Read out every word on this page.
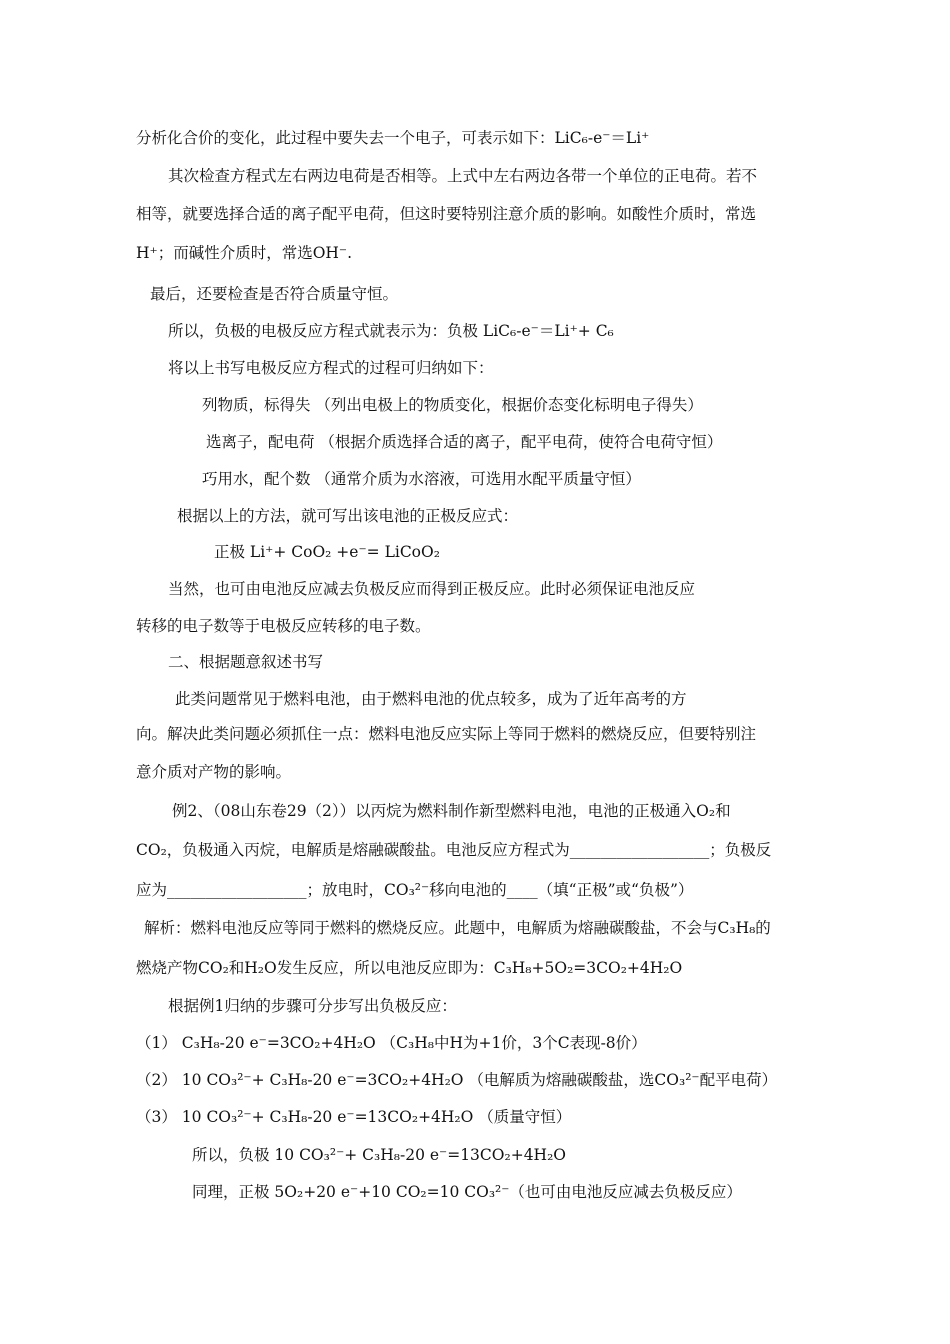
分析化合价的变化，此过程中要失去一个电子，可表示如下：LiC₆-e⁻＝Li⁺
其次检查方程式左右两边电荷是否相等。上式中左右两边各带一个单位的正电荷。若不
相等，就要选择合适的离子配平电荷，但这时要特别注意介质的影响。如酸性介质时，常选
H⁺；而碱性介质时，常选OH⁻.
最后，还要检查是否符合质量守恒。
所以，负极的电极反应方程式就表示为：负极 LiC₆-e⁻＝Li⁺+ C₆
将以上书写电极反应方程式的过程可归纳如下：
列物质，标得失 （列出电极上的物质变化，根据价态变化标明电子得失）
选离子，配电荷 （根据介质选择合适的离子，配平电荷，使符合电荷守恒）
巧用水，配个数 （通常介质为水溶液，可选用水配平质量守恒）
根据以上的方法，就可写出该电池的正极反应式：
正极 Li⁺+ CoO₂ +e⁻= LiCoO₂
当然，也可由电池反应减去负极反应而得到正极反应。此时必须保证电池反应
转移的电子数等于电极反应转移的电子数。
二、根据题意叙述书写
此类问题常见于燃料电池，由于燃料电池的优点较多，成为了近年高考的方
向。解决此类问题必须抓住一点：燃料电池反应实际上等同于燃料的燃烧反应，但要特别注
意介质对产物的影响。
例2、（08山东卷29（2））以丙烷为燃料制作新型燃料电池，电池的正极通入O₂和
CO₂，负极通入丙烷，电解质是熔融碳酸盐。电池反应方程式为__________________；负极反
应为__________________；放电时，CO₃²⁻移向电池的____（填“正极”或“负极”）
解析：燃料电池反应等同于燃料的燃烧反应。此题中，电解质为熔融碳酸盐，不会与C₃H₈的
燃烧产物CO₂和H₂O发生反应，所以电池反应即为：C₃H₈+5O₂=3CO₂+4H₂O
根据例1归纳的步骤可分步写出负极反应：
（1） C₃H₈-20 e⁻=3CO₂+4H₂O （C₃H₈中H为+1价，3个C表现-8价）
（2） 10 CO₃²⁻+ C₃H₈-20 e⁻=3CO₂+4H₂O （电解质为熔融碳酸盐，选CO₃²⁻配平电荷）
（3） 10 CO₃²⁻+ C₃H₈-20 e⁻=13CO₂+4H₂O （质量守恒）
所以，负极 10 CO₃²⁻+ C₃H₈-20 e⁻=13CO₂+4H₂O
同理，正极 5O₂+20 e⁻+10 CO₂=10 CO₃²⁻（也可由电池反应减去负极反应）
